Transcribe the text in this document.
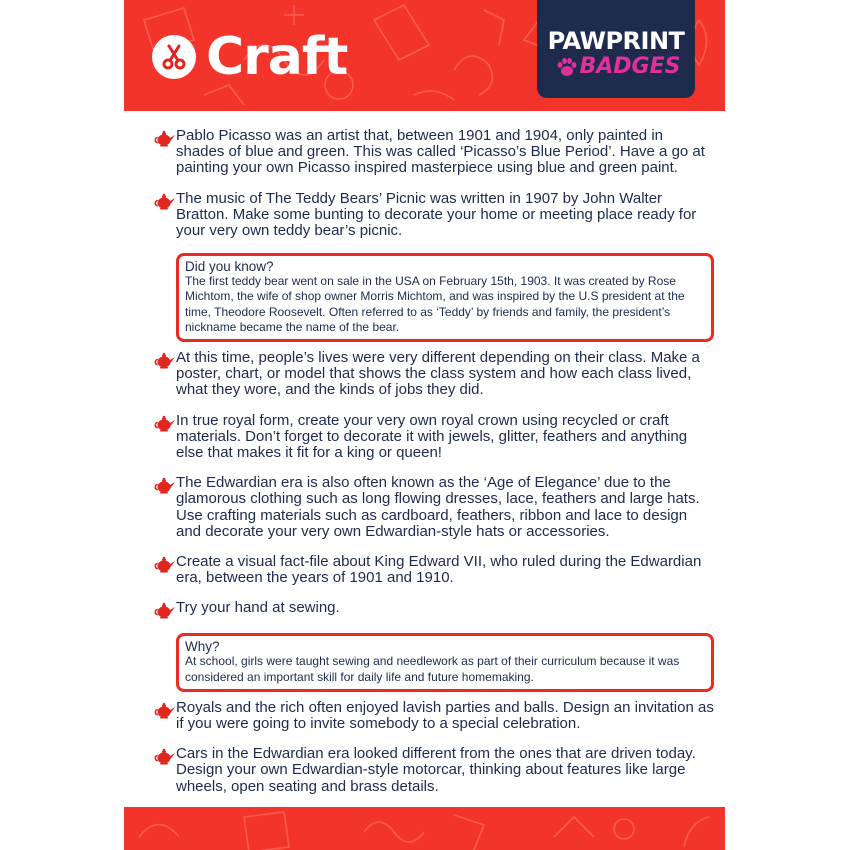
Craft	PAWPRINT
BADGES
Pablo Picasso was an artist that, between 1901 and 1904, only painted in shades of blue and green. This was called ‘Picasso’s Blue Period’. Have a go at painting your own Picasso inspired masterpiece using blue and green paint.
The music of The Teddy Bears’ Picnic was written in 1907 by John Walter Bratton. Make some bunting to decorate your home or meeting place ready for your very own teddy bear’s picnic.
Did you know?
The first teddy bear went on sale in the USA on February 15th, 1903. It was created by Rose Michtom, the wife of shop owner Morris Michtom, and was inspired by the U.S president at the time, Theodore Roosevelt. Often referred to as ‘Teddy’ by friends and family, the president’s nickname became the name of the bear.
At this time, people’s lives were very different depending on their class. Make a poster, chart, or model that shows the class system and how each class lived, what they wore, and the kinds of jobs they did.
In true royal form, create your very own royal crown using recycled or craft materials. Don’t forget to decorate it with jewels, glitter, feathers and anything else that makes it fit for a king or queen!
The Edwardian era is also often known as the ‘Age of Elegance’ due to the glamorous clothing such as long flowing dresses, lace, feathers and large hats. Use crafting materials such as cardboard, feathers, ribbon and lace to design and decorate your very own Edwardian-style hats or accessories.
Create a visual fact-file about King Edward VII, who ruled during the Edwardian era, between the years of 1901 and 1910.
Try your hand at sewing.
Why?
At school, girls were taught sewing and needlework as part of their curriculum because it was considered an important skill for daily life and future homemaking.
Royals and the rich often enjoyed lavish parties and balls. Design an invitation as if you were going to invite somebody to a special celebration.
Cars in the Edwardian era looked different from the ones that are driven today. Design your own Edwardian-style motorcar, thinking about features like large wheels, open seating and brass details.
